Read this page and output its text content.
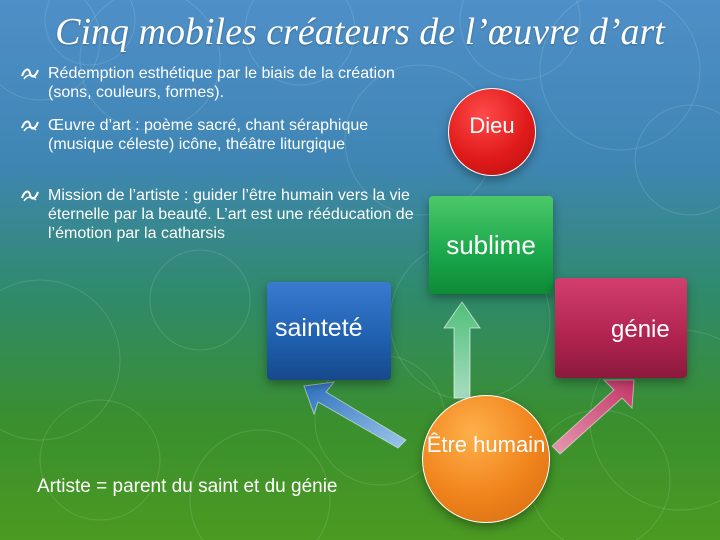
Cinq mobiles créateurs de l’œuvre d’art
Rédemption esthétique par le biais de la création (sons, couleurs, formes).
Œuvre d’art : poème sacré, chant séraphique (musique céleste) icône, théâtre liturgique
Mission de l’artiste : guider l’être humain vers la vie éternelle par la beauté. L’art est une rééducation de l’émotion par la catharsis
Dieu
sublime
sainteté	génie
Être humain
Artiste = parent du saint et du génie
